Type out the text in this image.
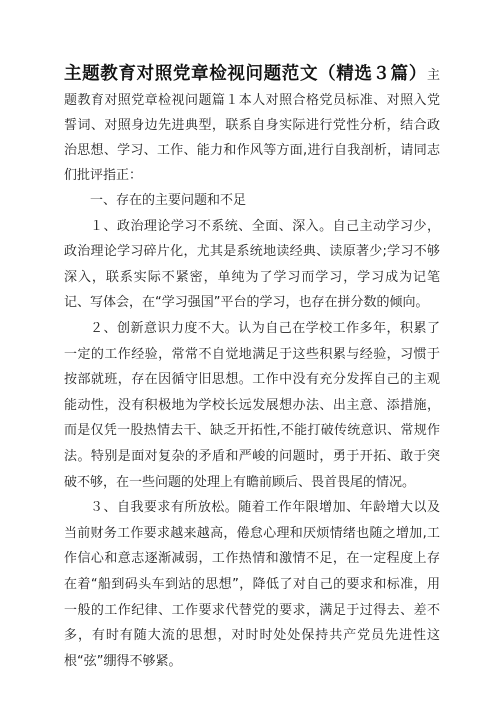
主题教育对照党章检视问题范文（精选３篇）主题教育对照党章检视问题篇１本人对照合格党员标准、对照入党誓词、对照身边先进典型，联系自身实际进行党性分析，结合政治思想、学习、工作、能力和作风等方面,进行自我剖析，请同志们批评指正：

一、存在的主要问题和不足

１、政治理论学习不系统、全面、深入。自己主动学习少，政治理论学习碎片化，尤其是系统地读经典、读原著少;学习不够深入，联系实际不紧密，单纯为了学习而学习，学习成为记笔记、写体会，在“学习强国”平台的学习，也存在拼分数的倾向。

２、创新意识力度不大。认为自己在学校工作多年，积累了一定的工作经验，常常不自觉地满足于这些积累与经验，习惯于按部就班，存在因循守旧思想。工作中没有充分发挥自己的主观能动性，没有积极地为学校长远发展想办法、出主意、添措施，而是仅凭一股热情去干、缺乏开拓性,不能打破传统意识、常规作法。特别是面对复杂的矛盾和严峻的问题时，勇于开拓、敢于突破不够，在一些问题的处理上有瞻前顾后、畏首畏尾的情况。

３、自我要求有所放松。随着工作年限增加、年龄增大以及当前财务工作要求越来越高，倦怠心理和厌烦情绪也随之增加,工作信心和意志逐渐减弱，工作热情和激情不足，在一定程度上存在着“船到码头车到站的思想”，降低了对自己的要求和标准，用一般的工作纪律、工作要求代替党的要求，满足于过得去、差不多，有时有随大流的思想，对时时处处保持共产党员先进性这根“弦”绷得不够紧。
